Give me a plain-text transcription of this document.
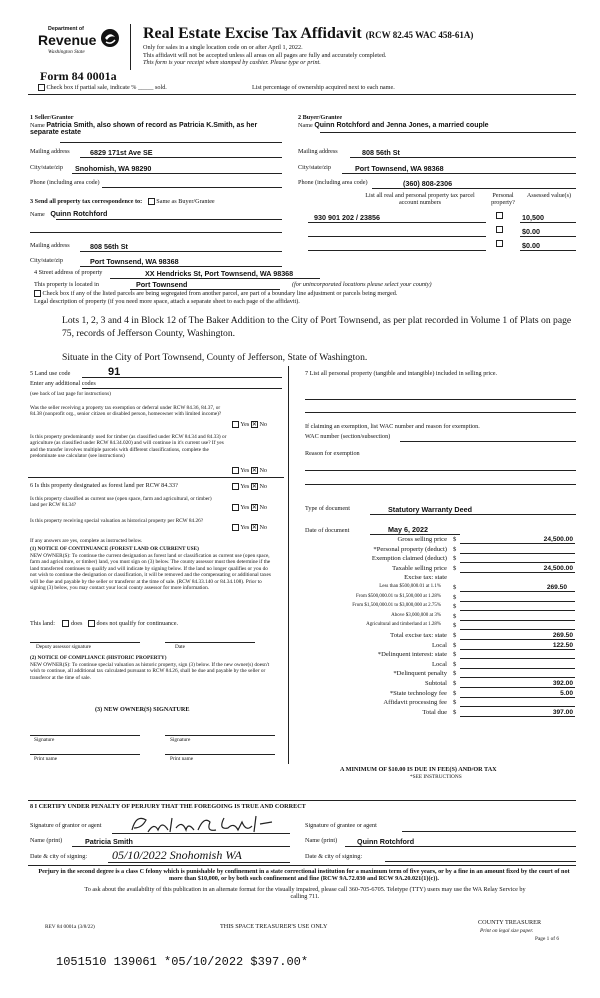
Department of
Revenue
Washington State
Real Estate Excise Tax Affidavit (RCW 82.45 WAC 458-61A)
Only for sales in a single location code on or after April 1, 2022.
This affidavit will not be accepted unless all areas on all pages are fully and accurately completed.
This form is your receipt when stamped by cashier. Please type or print.
Form 84 0001a
Check box if partial sale, indicate % _____ sold.	List percentage of ownership acquired next to each name.
1 Seller/Grantor
Name Patricia Smith, also shown of record as Patricia K.Smith, as her separate estate
Mailing address	6829 171st Ave SE
City/state/zip Snohomish, WA 98290
Phone (including area code)
2 Buyer/Grantee
Name Quinn Rotchford and Jenna Jones, a married couple
Mailing address	808 56th St
City/state/zip	Port Townsend, WA 98368
Phone (including area code)	(360) 808-2306
3 Send all property tax correspondence to: Same as Buyer/Grantee
Name Quinn Rotchford
Mailing address	808 56th St
City/state/zip	Port Townsend, WA 98368
List all real and personal property tax parcel account numbers
Personal property?
Assessed value(s)
930 901 202 / 23856	10,500
$0.00
$0.00
4 Street address of property	XX Hendricks St, Port Townsend, WA 98368
This property is located in	Port Townsend	(for unincorporated locations please select your county)
Check box if any of the listed parcels are being segregated from another parcel, are part of a boundary line adjustment or parcels being merged.
Legal description of property (if you need more space, attach a separate sheet to each page of the affidavit).
Lots 1, 2, 3 and 4 in Block 12 of The Baker Addition to the City of Port Townsend, as per plat recorded in Volume 1 of Plats on page 75, records of Jefferson County, Washington.
Situate in the City of Port Townsend, County of Jefferson, State of Washington.
5 Land use code	91
Enter any additional codes
(see back of last page for instructions)
Was the seller receiving a property tax exemption or deferral under RCW 84.36, 84.37, or 84.38 (nonprofit org., senior citizen or disabled person, homeowner with limited income)?
Yes ✕ No
Is this property predominantly used for timber (as classified under RCW 84.34 and 84.33) or agriculture (as classified under RCW 84.34.020) and will continue in it's current use? If yes and the transfer involves multiple parcels with different classifications, complete the predominate use calculator (see instructions)
Yes ✕ No
6 Is this property designated as forest land per RCW 84.33?	Yes ✕ No
Is this property classified as current use (open space, farm and agricultural, or timber) land per RCW 84.34?	Yes ✕ No
Is this property receiving special valuation as historical property per RCW 84.26?
Yes ✕ No
If any answers are yes, complete as instructed below.
(1) NOTICE OF CONTINUANCE (FOREST LAND OR CURRENT USE)
NEW OWNER(S): To continue the current designation as forest land or classification as current use (open space, farm and agriculture, or timber) land, you must sign on (3) below. The county assessor must then determine if the land transferred continues to qualify and will indicate by signing below. If the land no longer qualifies or you do not wish to continue the designation or classification, it will be removed and the compensating or additional taxes will be due and payable by the seller or transferor at the time of sale. (RCW 84.33.140 or 84.34.108). Prior to signing (3) below, you may contact your local county assessor for more information.
This land:	does does not qualify for continuance.
Deputy assessor signature	Date
(2) NOTICE OF COMPLIANCE (HISTORIC PROPERTY)
NEW OWNER(S): To continue special valuation as historic property, sign (3) below. If the new owner(s) doesn't wish to continue, all additional tax calculated pursuant to RCW 84.26, shall be due and payable by the seller or transferor at the time of sale.
(3) NEW OWNER(S) SIGNATURE
Signature	Signature
Print name	Print name
7 List all personal property (tangible and intangible) included in selling price.
If claiming an exemption, list WAC number and reason for exemption.
WAC number (section/subsection)
Reason for exemption
Type of document	Statutory Warranty Deed
Date of document	May 6, 2022
Gross selling price $	24,500.00
*Personal property (deduct) $
Exemption claimed (deduct) $
Taxable selling price $	24,500.00
Excise tax: state
Less than $500,000.01 at 1.1% $	269.50
From $500,000.01 to $1,500,000 at 1.28% $
From $1,500,000.01 to $3,000,000 at 2.75% $
Above $3,000,000 at 3% $
Agricultural and timberland at 1.28% $
Total excise tax: state $	269.50
Local $	122.50
*Delinquent interest: state $
Local $
*Delinquent penalty $
Subtotal $	392.00
*State technology fee $	5.00
Affidavit processing fee $
Total due $	397.00
A MINIMUM OF $10.00 IS DUE IN FEE(S) AND/OR TAX
*SEE INSTRUCTIONS
8 I CERTIFY UNDER PENALTY OF PERJURY THAT THE FOREGOING IS TRUE AND CORRECT
Signature of grantor or agent	Signature of grantee or agent
Name (print)	Patricia Smith	Name (print)	Quinn Rotchford
Date & city of signing: 05/10/2022 Snohomish WA	Date & city of signing:
Perjury in the second degree is a class C felony which is punishable by confinement in a state correctional institution for a maximum term of five years, or by a fine in an amount fixed by the court of not more than $10,000, or by both such confinement and fine (RCW 9A.72.030 and RCW 9A.20.021(1)(c)).
To ask about the availability of this publication in an alternate format for the visually impaired, please call 360-705-6705. Teletype (TTY) users may use the WA Relay Service by calling 711.
REV 84 0001a (3/8/22)	THIS SPACE TREASURER'S USE ONLY
COUNTY TREASURER
Print on legal size paper.
Page 1 of 6
1051510 139061 *05/10/2022 $397.00*
